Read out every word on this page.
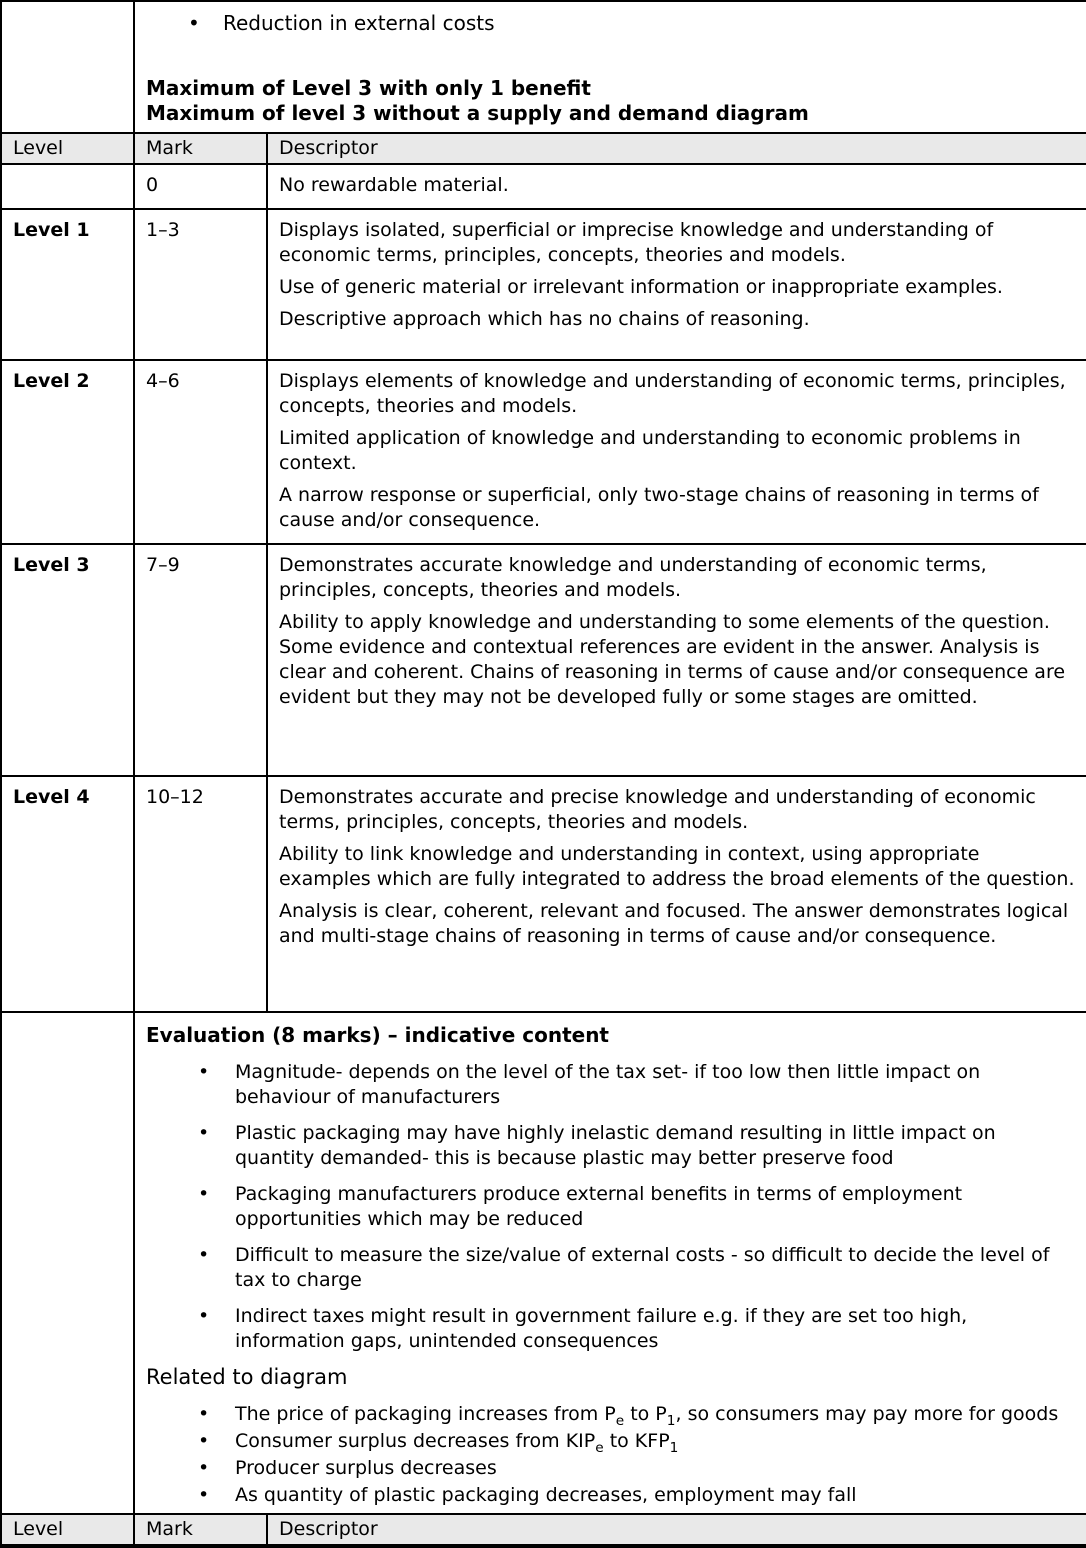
• Reduction in external costs
Maximum of Level 3 with only 1 benefit
Maximum of level 3 without a supply and demand diagram

Level	Mark	Descriptor
	0	No rewardable material.

Level 1	1–3	Displays isolated, superficial or imprecise knowledge and understanding of economic terms, principles, concepts, theories and models.

Use of generic material or irrelevant information or inappropriate examples.

Descriptive approach which has no chains of reasoning.

Level 2	4–6	Displays elements of knowledge and understanding of economic terms, principles, concepts, theories and models.

Limited application of knowledge and understanding to economic problems in context.

A narrow response or superficial, only two-stage chains of reasoning in terms of cause and/or consequence.

Level 3	7–9	Demonstrates accurate knowledge and understanding of economic terms, principles, concepts, theories and models.

Ability to apply knowledge and understanding to some elements of the question. Some evidence and contextual references are evident in the answer. Analysis is clear and coherent. Chains of reasoning in terms of cause and/or consequence are evident but they may not be developed fully or some stages are omitted.

Level 4	10–12	Demonstrates accurate and precise knowledge and understanding of economic terms, principles, concepts, theories and models.

Ability to link knowledge and understanding in context, using appropriate examples which are fully integrated to address the broad elements of the question.

Analysis is clear, coherent, relevant and focused. The answer demonstrates logical and multi-stage chains of reasoning in terms of cause and/or consequence.

Evaluation (8 marks) – indicative content
• Magnitude- depends on the level of the tax set- if too low then little impact on behaviour of manufacturers
• Plastic packaging may have highly inelastic demand resulting in little impact on quantity demanded- this is because plastic may better preserve food
• Packaging manufacturers produce external benefits in terms of employment opportunities which may be reduced
• Difficult to measure the size/value of external costs - so difficult to decide the level of tax to charge
• Indirect taxes might result in government failure e.g. if they are set too high, information gaps, unintended consequences
Related to diagram
• The price of packaging increases from $P_e$ to $P_1$, so consumers may pay more for goods
• Consumer surplus decreases from $KIP_e$ to $KFP_1$
• Producer surplus decreases
• As quantity of plastic packaging decreases, employment may fall

Level	Mark	Descriptor
